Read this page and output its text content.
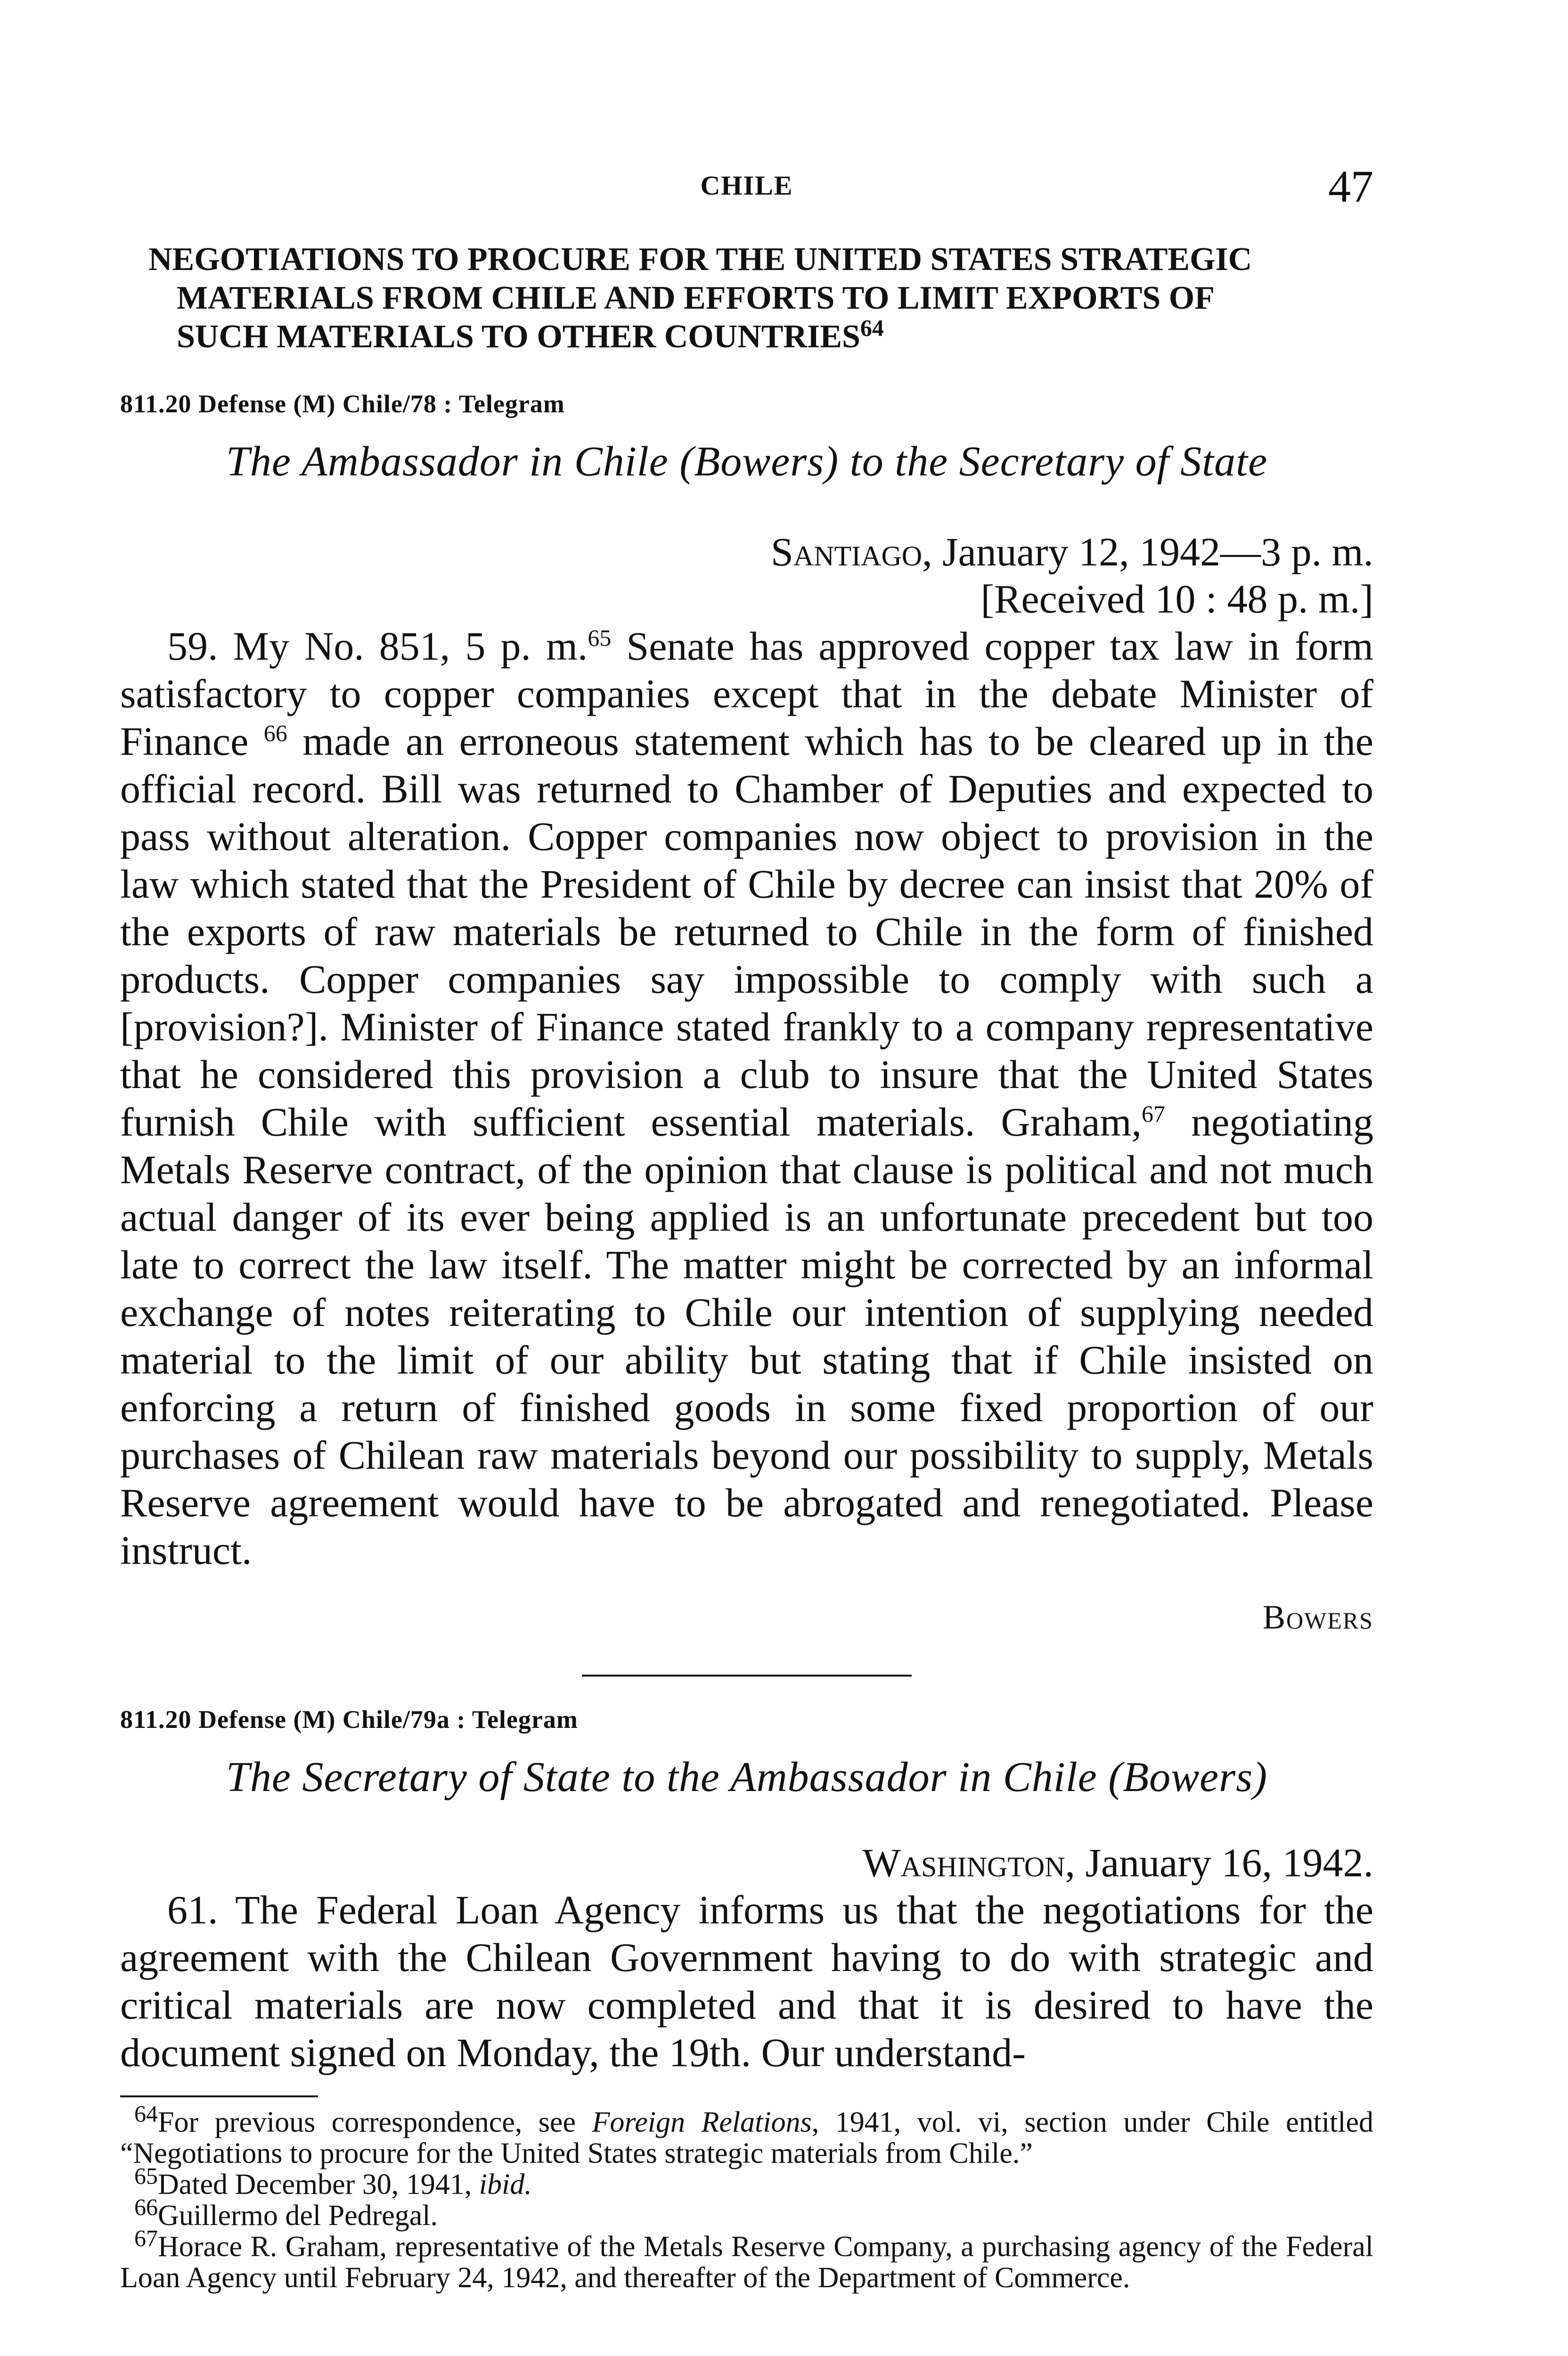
CHILE	47
NEGOTIATIONS TO PROCURE FOR THE UNITED STATES STRATEGIC
MATERIALS FROM CHILE AND EFFORTS TO LIMIT EXPORTS OF
SUCH MATERIALS TO OTHER COUNTRIES$^{64}$
811.20 Defense (M) Chile/78 : Telegram
The Ambassador in Chile (Bowers) to the Secretary of State
Santiago, January 12, 1942—3 p. m.
[Received 10 : 48 p. m.]

59. My No. 851, 5 p. m.$^{65}$ Senate has approved copper tax law in form satisfactory to copper companies except that in the debate Minister of Finance $^{66}$ made an erroneous statement which has to be cleared up in the official record. Bill was returned to Chamber of Deputies and expected to pass without alteration. Copper companies now object to provision in the law which stated that the President of Chile by decree can insist that 20% of the exports of raw materials be returned to Chile in the form of finished products. Copper companies say impossible to comply with such a [provision?]. Minister of Finance stated frankly to a company representative that he considered this provision a club to insure that the United States furnish Chile with sufficient essential materials. Graham,$^{67}$ negotiating Metals Reserve contract, of the opinion that clause is political and not much actual danger of its ever being applied is an unfortunate precedent but too late to correct the law itself. The matter might be corrected by an informal exchange of notes reiterating to Chile our intention of supplying needed material to the limit of our ability but stating that if Chile insisted on enforcing a return of finished goods in some fixed proportion of our purchases of Chilean raw materials beyond our possibility to supply, Metals Reserve agreement would have to be abrogated and renegotiated. Please instruct.

Bowers
811.20 Defense (M) Chile/79a : Telegram
The Secretary of State to the Ambassador in Chile (Bowers)
Washington, January 16, 1942.

61. The Federal Loan Agency informs us that the negotiations for the agreement with the Chilean Government having to do with strategic and critical materials are now completed and that it is desired to have the document signed on Monday, the 19th. Our understand-

$^{64}$For previous correspondence, see Foreign Relations, 1941, vol. vi, section under Chile entitled “Negotiations to procure for the United States strategic materials from Chile.”

$^{65}$Dated December 30, 1941, ibid.

$^{66}$Guillermo del Pedregal.

$^{67}$Horace R. Graham, representative of the Metals Reserve Company, a purchasing agency of the Federal Loan Agency until February 24, 1942, and thereafter of the Department of Commerce.
